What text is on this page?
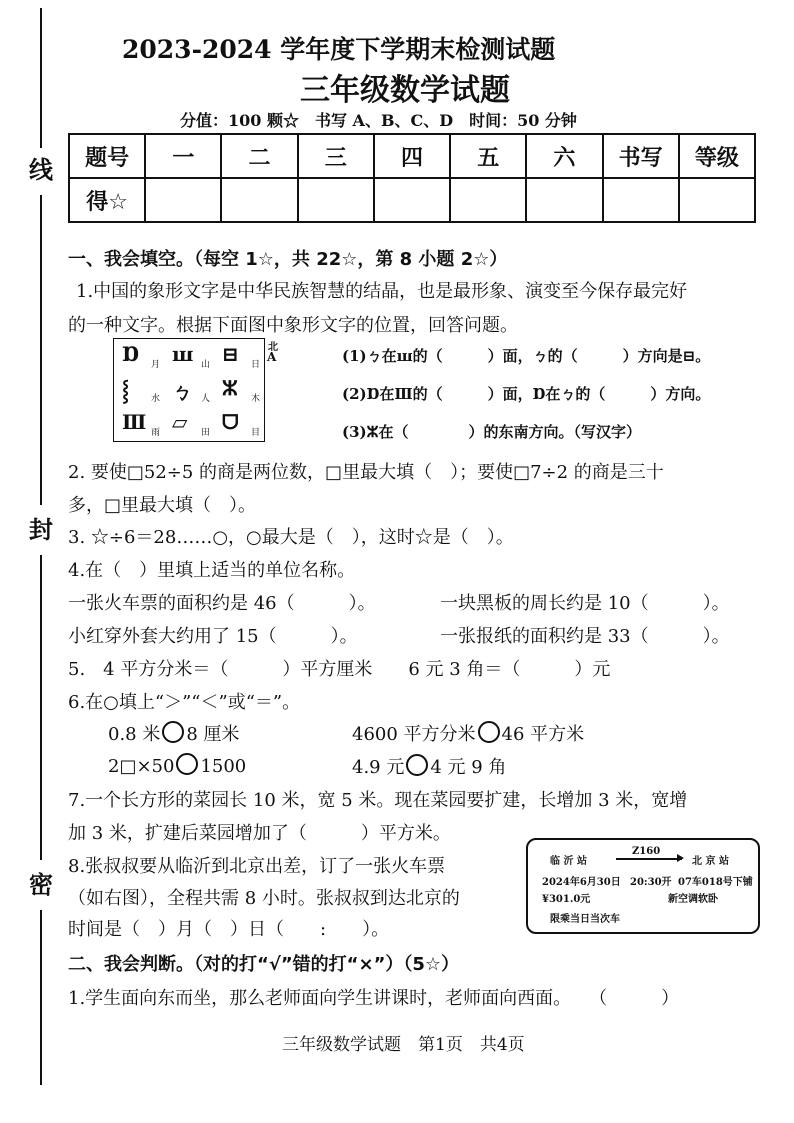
线
封
密
2023-2024 学年度下学期末检测试题
三年级数学试题
分值：100 颗☆　书写 A、B、C、D　时间：50 分钟
题号	一	二	三	四	五	六	书写	等级
得☆								
一、我会填空。（每空 1☆，共 22☆，第 8 小题 2☆）
1.中国的象形文字是中华民族智慧的结晶，也是最形象、演变至今保存最完好
的一种文字。根据下面图中象形文字的位置，回答问题。
Ɒ 月 ꟺ 山 ⊟ 日
⸾ 水 ㄅ 人 ⵣ 木
Ⅲ 雨 ▱ 田 ᗜ 目
北
A	(1)ㄅ在ꟺ的（　　　）面，ㄅ的（　　　）方向是⊟。
(2)Ɒ在Ⅲ的（　　　）面，Ɒ在ㄅ的（　　　）方向。
(3)ⵣ在（　　　　）的东南方向。（写汉字）
2. 要使□52÷5 的商是两位数，□里最大填（　）；要使□7÷2 的商是三十
多，□里最大填（　）。
3. ☆÷6＝28……○，○最大是（　），这时☆是（　）。
4.在（　）里填上适当的单位名称。
一张火车票的面积约是 46（　　　）。	一块黑板的周长约是 10（　　　）。
小红穿外套大约用了 15（　　　）。	一张报纸的面积约是 33（　　　）。
5.　4 平方分米＝（　　　）平方厘米　　6 元 3 角＝（　　　）元
6.在○填上“＞”“＜”或“＝”。
0.8 米 8 厘米	4600 平方分米 46 平方米
2□×50 1500	4.9 元 4 元 9 角
7.一个长方形的菜园长 10 米，宽 5 米。现在菜园要扩建，长增加 3 米，宽增
加 3 米，扩建后菜园增加了（　　　）平方米。
8.张叔叔要从临沂到北京出差，订了一张火车票
（如右图），全程共需 8 小时。张叔叔到达北京的
时间是（　）月（　）日（　　:　　）。
临 沂 站
Z160
北 京 站
2024年6月30日 20:30开 07车018号下铺
¥301.0元	新空调软卧
限乘当日当次车
二、我会判断。（对的打“√”错的打“×”）（5☆）
1.学生面向东而坐，那么老师面向学生讲课时，老师面向西面。　　（　　　）
三年级数学试题　第1页　共4页
